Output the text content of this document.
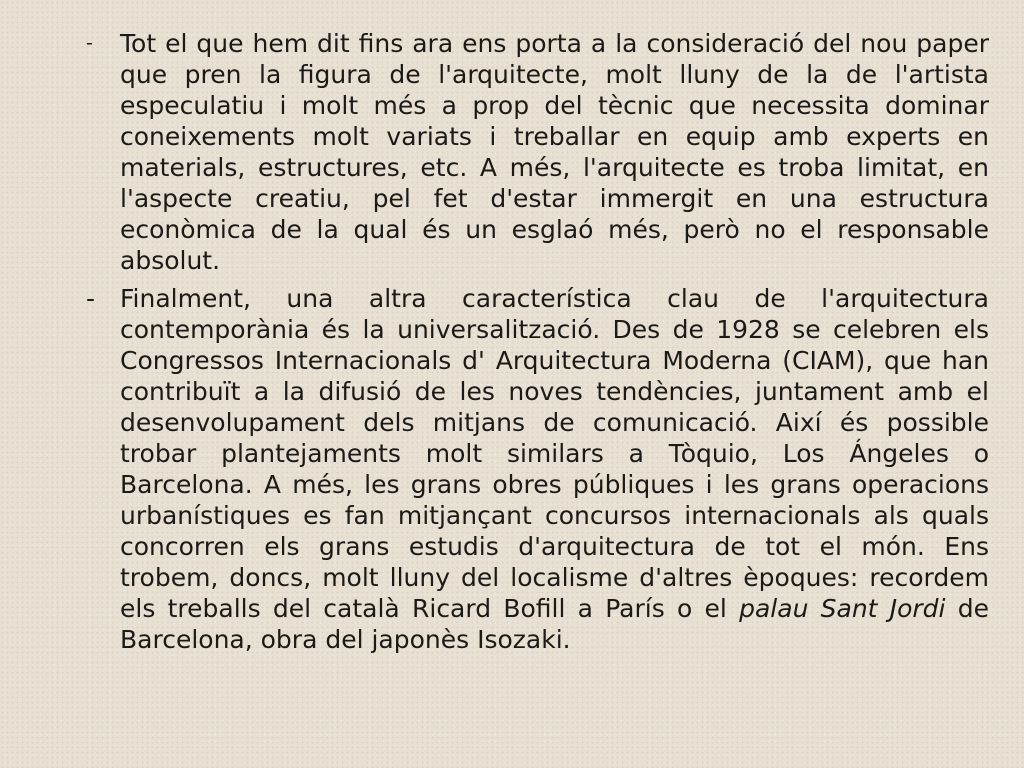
-	Tot el que hem dit fins ara ens porta a la consideració del nou paper que pren la figura de l'arquitecte, molt lluny de la de l'artista especulatiu i molt més a prop del tècnic que necessita dominar coneixements molt variats i treballar en equip amb experts en materials, estructures, etc. A més, l'arquitecte es troba limitat, en l'aspecte creatiu, pel fet d'estar immergit en una estructura econòmica de la qual és un esglaó més, però no el responsable absolut.

- Finalment, una altra característica clau de l'arquitectura contemporània és la universalització. Des de 1928 se celebren els Congressos Internacionals d' Arquitectura Moderna (CIAM), que han contribuït a la difusió de les noves tendències, juntament amb el desenvolupament dels mitjans de comunicació. Així és possible trobar plantejaments molt similars a Tòquio, Los Ángeles o Barcelona. A més, les grans obres públiques i les grans operacions urbanístiques es fan mitjançant concursos internacionals als quals concorren els grans estudis d'arquitectura de tot el món. Ens trobem, doncs, molt lluny del localisme d'altres èpoques: recordem els treballs del català Ricard Bofill a París o el palau Sant Jordi de Barcelona, obra del japonès Isozaki.
